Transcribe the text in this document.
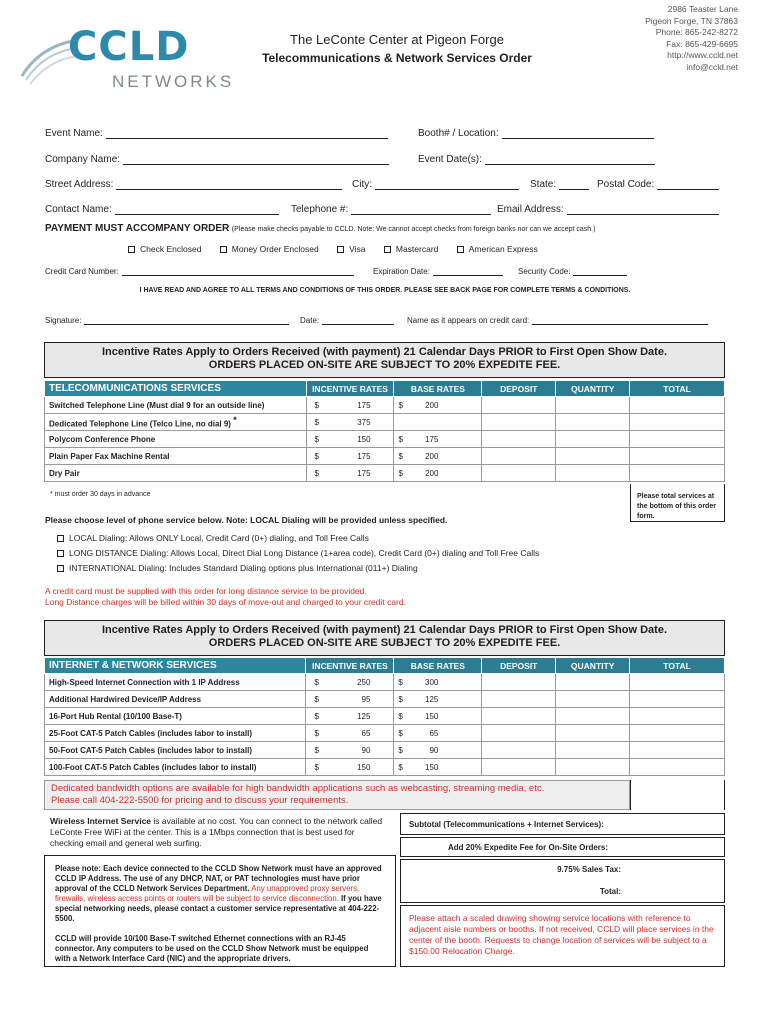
CCLD
NETWORKS
The LeConte Center at Pigeon Forge
Telecommunications & Network Services Order
2986 Teaster Lane
Pigeon Forge, TN 37863
Phone: 865-242-8272
Fax: 865-429-6695
http://www.ccld.net
info@ccld.net
Event Name:	Booth# / Location:
Company Name:	Event Date(s):
Street Address:	City:	State:	Postal Code:
Contact Name:	Telephone #:	Email Address:
PAYMENT MUST ACCOMPANY ORDER (Please make checks payable to CCLD. Note: We cannot accept checks from foreign banks nor can we accept cash.)
Check Enclosed	Money Order Enclosed	Visa	Mastercard	American Express
Credit Card Number:	Expiration Date:	Security Code:
I HAVE READ AND AGREE TO ALL TERMS AND CONDITIONS OF THIS ORDER. PLEASE SEE BACK PAGE FOR COMPLETE TERMS & CONDITIONS.
Signature:	Date:	Name as it appears on credit card:
Incentive Rates Apply to Orders Received (with payment) 21 Calendar Days PRIOR to First Open Show Date.
ORDERS PLACED ON-SITE ARE SUBJECT TO 20% EXPEDITE FEE.
TELECOMMUNICATIONS SERVICES	INCENTIVE RATES	BASE RATES	DEPOSIT	QUANTITY	TOTAL
Switched Telephone Line (Must dial 9 for an outside line)	$ 175	$ 200			

Dedicated Telephone Line (Telco Line, no dial 9) *	$ 375				

Polycom Conference Phone	$ 150	$ 175			

Plain Paper Fax Machine Rental	$ 175	$ 200			

Dry Pair	$ 175	$ 200			

* must order 30 days in advance	Please total services at the bottom of this order form.
Please choose level of phone service below. Note: LOCAL Dialing will be provided unless specified.
LOCAL Dialing: Allows ONLY Local, Credit Card (0+) dialing, and Toll Free Calls
LONG DISTANCE Dialing: Allows Local, Direct Dial Long Distance (1+area code), Credit Card (0+) dialing and Toll Free Calls
INTERNATIONAL Dialing: Includes Standard Dialing options plus International (011+) Dialing
A credit card must be supplied with this order for long distance service to be provided.
Long Distance charges will be billed within 30 days of move-out and charged to your credit card.
Incentive Rates Apply to Orders Received (with payment) 21 Calendar Days PRIOR to First Open Show Date.
ORDERS PLACED ON-SITE ARE SUBJECT TO 20% EXPEDITE FEE.
INTERNET & NETWORK SERVICES	INCENTIVE RATES	BASE RATES	DEPOSIT	QUANTITY	TOTAL
High-Speed Internet Connection with 1 IP Address	$ 250	$ 300			

Additional Hardwired Device/IP Address	$ 95	$ 125			

16-Port Hub Rental (10/100 Base-T)	$ 125	$ 150			

25-Foot CAT-5 Patch Cables (includes labor to install)	$ 65	$ 65			

50-Foot CAT-5 Patch Cables (includes labor to install)	$ 90	$ 90			

100-Foot CAT-5 Patch Cables (includes labor to install)	$ 150	$ 150			

Dedicated bandwidth options are available for high bandwidth applications such as webcasting, streaming media, etc.
Please call 404-222-5500 for pricing and to discuss your requirements.
Wireless Internet Service is available at no cost. You can connect to the network called LeConte Free WiFi at the center. This is a 1Mbps connection that is best used for checking email and general web surfing.
Please note: Each device connected to the CCLD Show Network must have an approved CCLD IP Address. The use of any DHCP, NAT, or PAT technologies must have prior approval of the CCLD Network Services Department. Any unapproved proxy servers, firewalls, wireless access points or routers will be subject to service disconnection. If you have special networking needs, please contact a customer service representative at 404-222-5500.
CCLD will provide 10/100 Base-T switched Ethernet connections with an RJ-45 connector. Any computers to be used on the CCLD Show Network must be equipped with a Network Interface Card (NIC) and the appropriate drivers.
Subtotal (Telecommunications + Internet Services):
Add 20% Expedite Fee for On-Site Orders:
9.75% Sales Tax:
Total:
Please attach a scaled drawing showing service locations with reference to adjacent aisle numbers or booths. If not received, CCLD will place services in the center of the booth. Requests to change location of services will be subject to a $150.00 Relocation Charge.
